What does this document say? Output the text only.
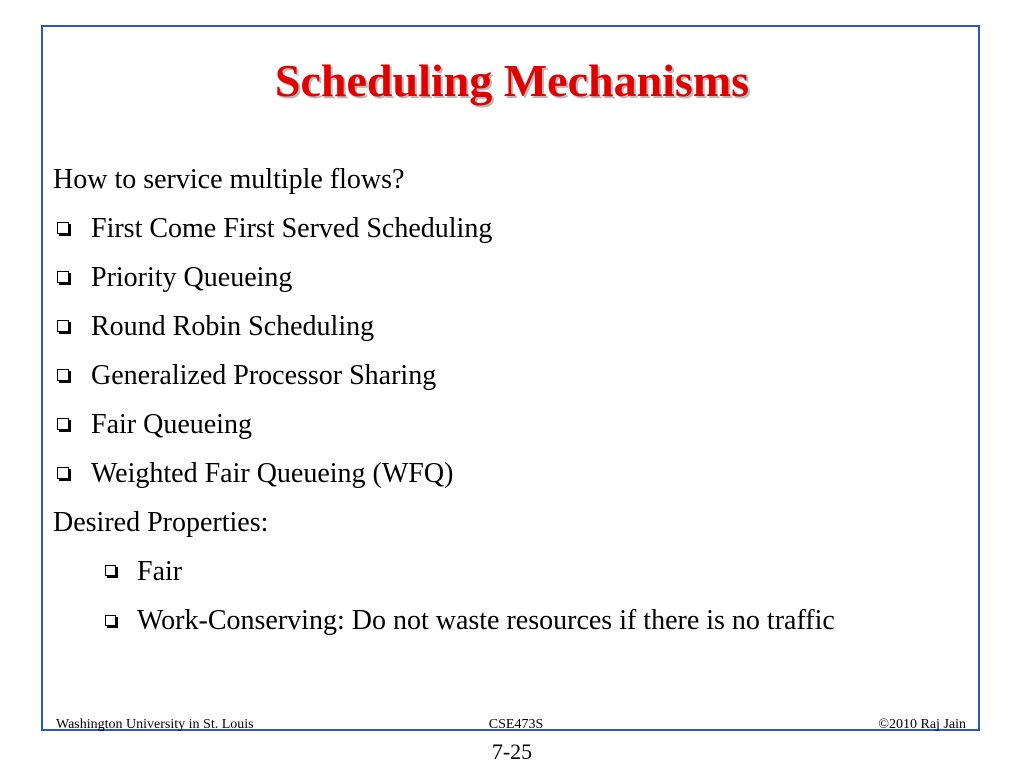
Scheduling Mechanisms
How to service multiple flows?
First Come First Served Scheduling
Priority Queueing
Round Robin Scheduling
Generalized Processor Sharing
Fair Queueing
Weighted Fair Queueing (WFQ)
Desired Properties:
Fair
Work-Conserving: Do not waste resources if there is no traffic
Washington University in St. Louis	CSE473S	©2010 Raj Jain
7-25
